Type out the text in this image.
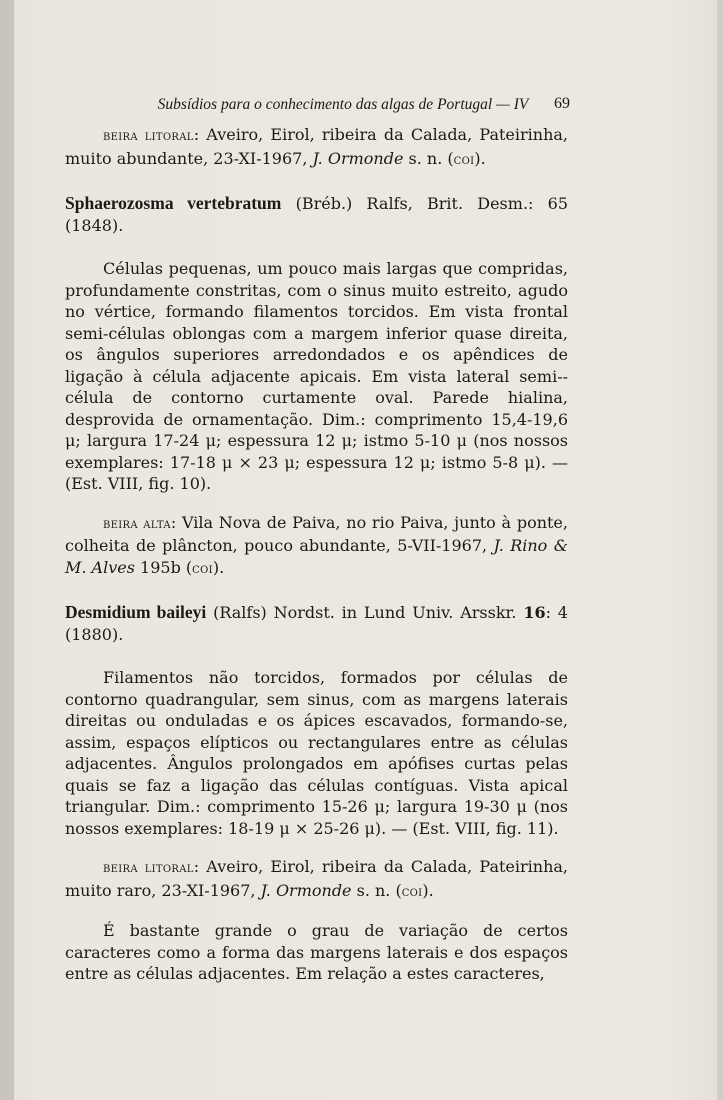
Subsídios para o conhecimento das algas de Portugal — IV	69

beira litoral: Aveiro, Eirol, ribeira da Calada, Pateirinha, muito abundante, 23-XI-1967, J. Ormonde s. n. (coi).

Sphaerozosma vertebratum (Bréb.) Ralfs, Brit. Desm.: 65 (1848).

Células pequenas, um pouco mais largas que compridas, profundamente constritas, com o sinus muito estreito, agudo no vértice, formando filamentos torcidos. Em vista frontal semi-células oblongas com a margem inferior quase direita, os ângulos superiores arredondados e os apêndices de ligação à célula adjacente apicais. Em vista lateral semi--célula de contorno curtamente oval. Parede hialina, desprovida de ornamentação. Dim.: comprimento 15,4-19,6 μ; largura 17-24 μ; espessura 12 μ; istmo 5-10 μ (nos nossos exemplares: 17-18 μ × 23 μ; espessura 12 μ; istmo 5-8 μ). — (Est. VIII, fig. 10).

beira alta: Vila Nova de Paiva, no rio Paiva, junto à ponte, colheita de plâncton, pouco abundante, 5-VII-1967, J. Rino & M. Alves 195b (coi).

Desmidium baileyi (Ralfs) Nordst. in Lund Univ. Arsskr. 16: 4 (1880).

Filamentos não torcidos, formados por células de contorno quadrangular, sem sinus, com as margens laterais direitas ou onduladas e os ápices escavados, formando-se, assim, espaços elípticos ou rectangulares entre as células adjacentes. Ângulos prolongados em apófises curtas pelas quais se faz a ligação das células contíguas. Vista apical triangular. Dim.: comprimento 15-26 μ; largura 19-30 μ (nos nossos exemplares: 18-19 μ × 25-26 μ). — (Est. VIII, fig. 11).

beira litoral: Aveiro, Eirol, ribeira da Calada, Pateirinha, muito raro, 23-XI-1967, J. Ormonde s. n. (coi).

É bastante grande o grau de variação de certos caracteres como a forma das margens laterais e dos espaços entre as células adjacentes. Em relação a estes caracteres,
